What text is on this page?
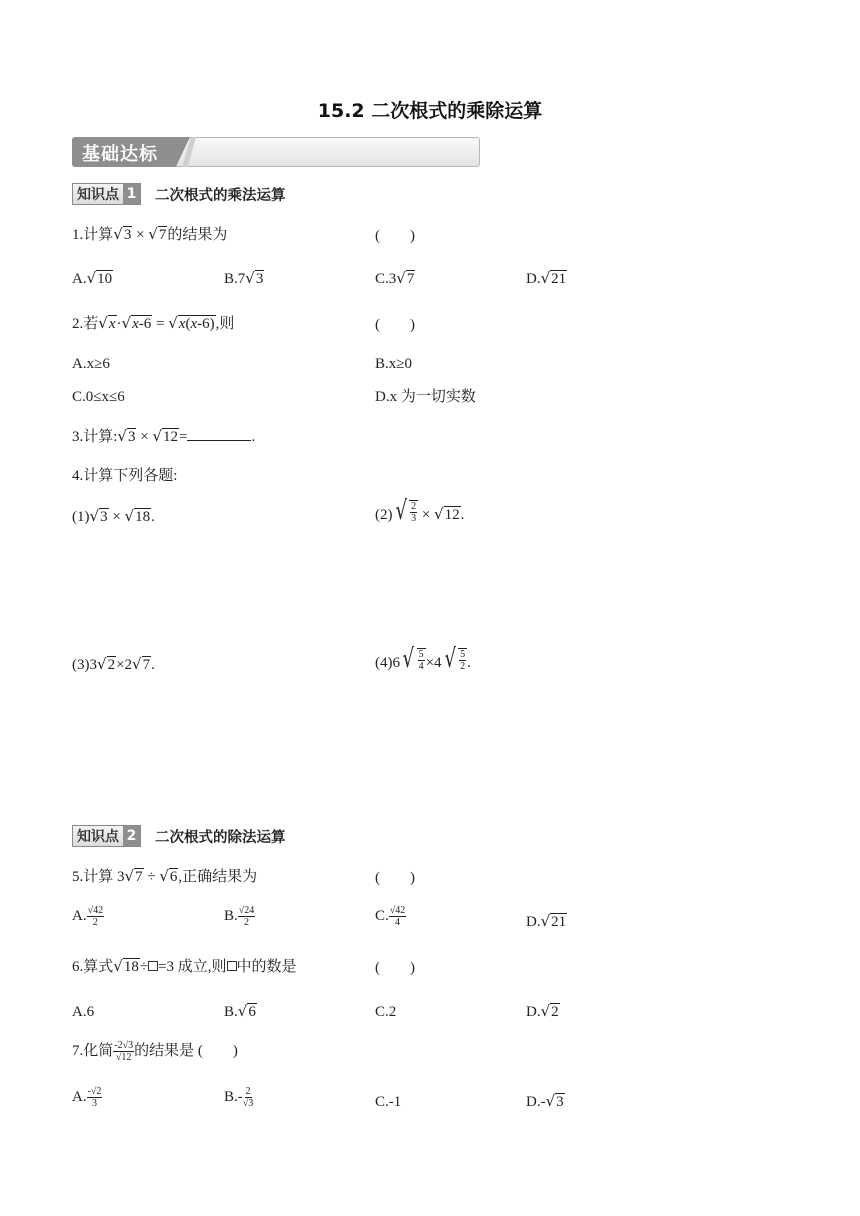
15.2 二次根式的乘除运算
基础达标
知识点 1 二次根式的乘法运算
1.计算 √ 3 × √ 7 的结果为	(　　)
A. √ 10	B.7 √ 3	C.3 √ 7	D. √ 21
2.若 √ x · √ x-6 = √ x(x-6) ,则	(　　)
A.x≥6	B.x≥0
C.0≤x≤6	D.x 为一切实数
3.计算: √ 3 × √ 12 =	.
4.计算下列各题:
(1) √ 3 × √ 18 .	(2) √ $\frac{2}{3}$ × √ 12 .
(3)3 √ 2 ×2 √ 7 .	(4)6 √ $\frac{5}{4} \times 4$ √ $\frac{5}{2}$ .
知识点 2 二次根式的除法运算
5.计算 3 √ 7 ÷ √ 6 ,正确结果为	(　　)
A. $\frac{√42}{2}$	B. $\frac{√24}{2}$	C. $\frac{√42}{4}$	D. √ 21
6.算式 √ 18 ÷ =3 成立,则 中的数是	(　　)
A.6	B. √ 6	C.2	D. √ 2
7.化简 $\frac{-2√3}{√12}$ 的结果是 (　　)
A. $\frac{-√2}{3}$	$B.- \frac{2}{√3}$	C.-1	D.- √ 3
